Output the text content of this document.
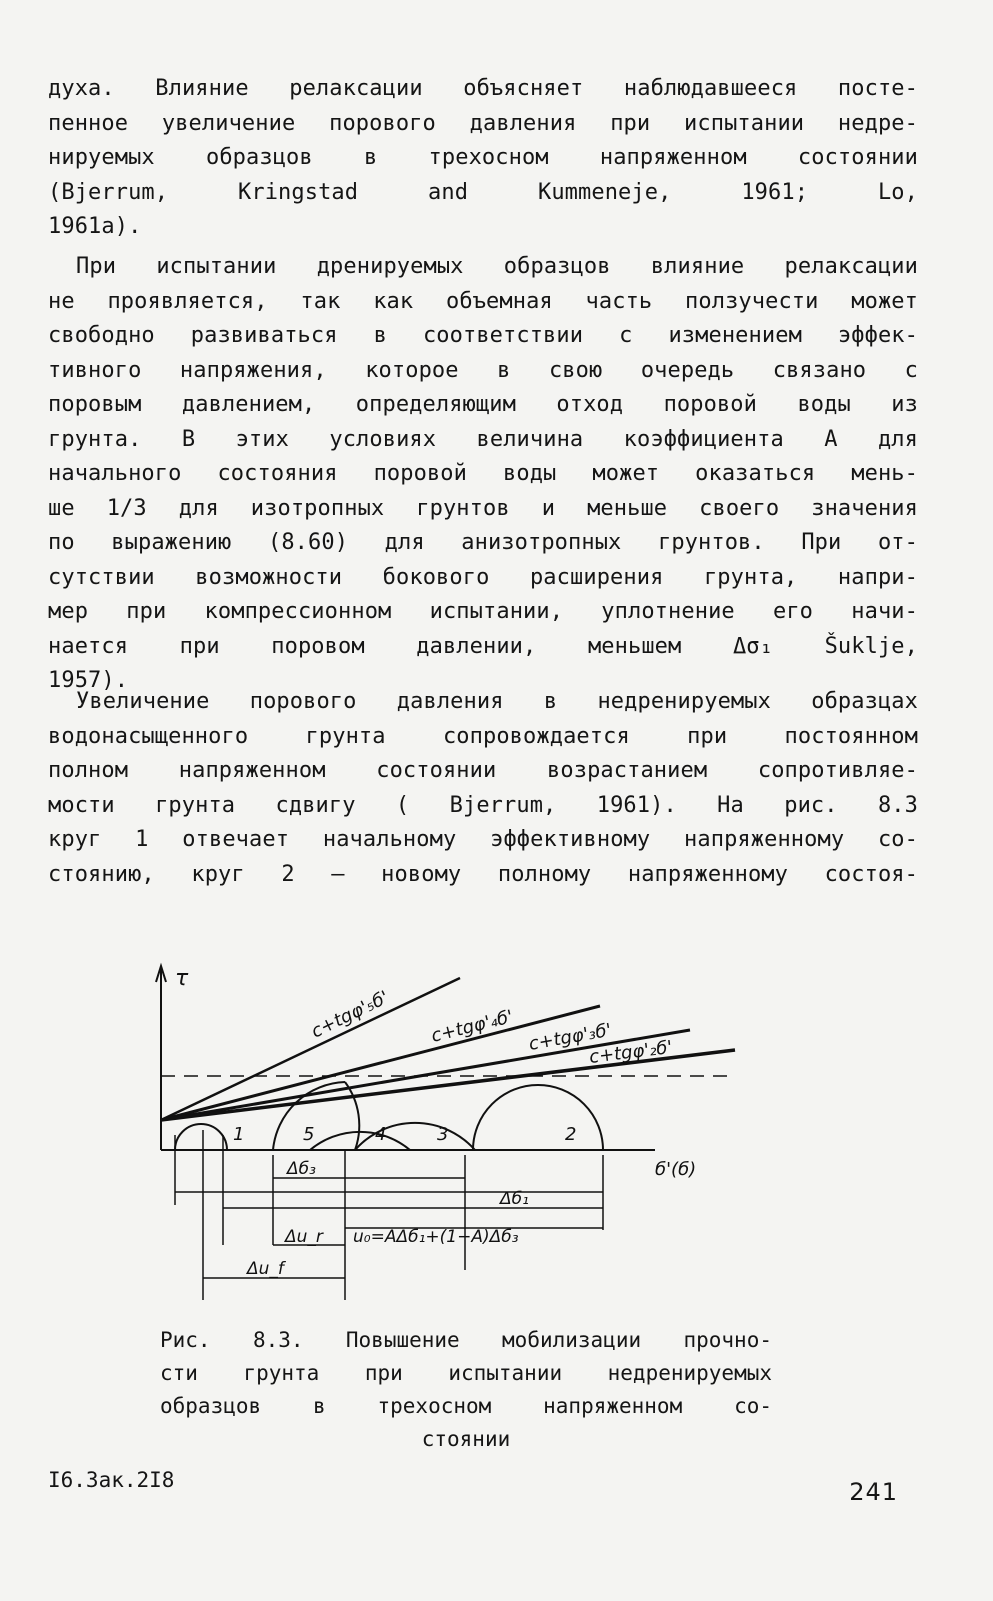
духа. Влияние релаксации объясняет наблюдавшееся посте-
пенное увеличение порового давления при испытании недре-
нируемых образцов в трехосном напряженном состоянии
(Bjerrum, Kringstad and Kummeneje, 1961; Lo,
1961a).
При испытании дренируемых образцов влияние релаксации
не проявляется, так как объемная часть ползучести может
свободно развиваться в соответствии с изменением эффек-
тивного напряжения, которое в свою очередь связано с
поровым давлением, определяющим отход поровой воды из
грунта. В этих условиях величина коэффициента A для
начального состояния поровой воды может оказаться мень-
ше 1/3 для изотропных грунтов и меньше своего значения
по выражению (8.60) для анизотропных грунтов. При от-
сутствии возможности бокового расширения грунта, напри-
мер при компрессионном испытании, уплотнение его начи-
нается при поровом давлении, меньшем Δσ₁ Šuklje,
1957).
Увеличение порового давления в недренируемых образцах
водонасыщенного грунта сопровождается при постоянном
полном напряженном состоянии возрастанием сопротивляе-
мости грунта сдвигу ( Bjerrum, 1961). На рис. 8.3
круг 1 отвечает начальному эффективному напряженному со-
стоянию, круг 2 – новому полному напряженному состоя-
τ
б'(б)
c+tgφ'₅б' c+tgφ'₄б' c+tgφ'₃б'
c+tgφ'₂б'
1	5	4	3	2
Δб₃
Δб₁
Δu_r u₀=AΔб₁+(1−A)Δб₃
Δu_f
Рис. 8.3. Повышение мобилизации прочно-
сти грунта при испытании недренируемых
образцов в трехосном напряженном со-
стоянии
I6.Зак.2I8	241
